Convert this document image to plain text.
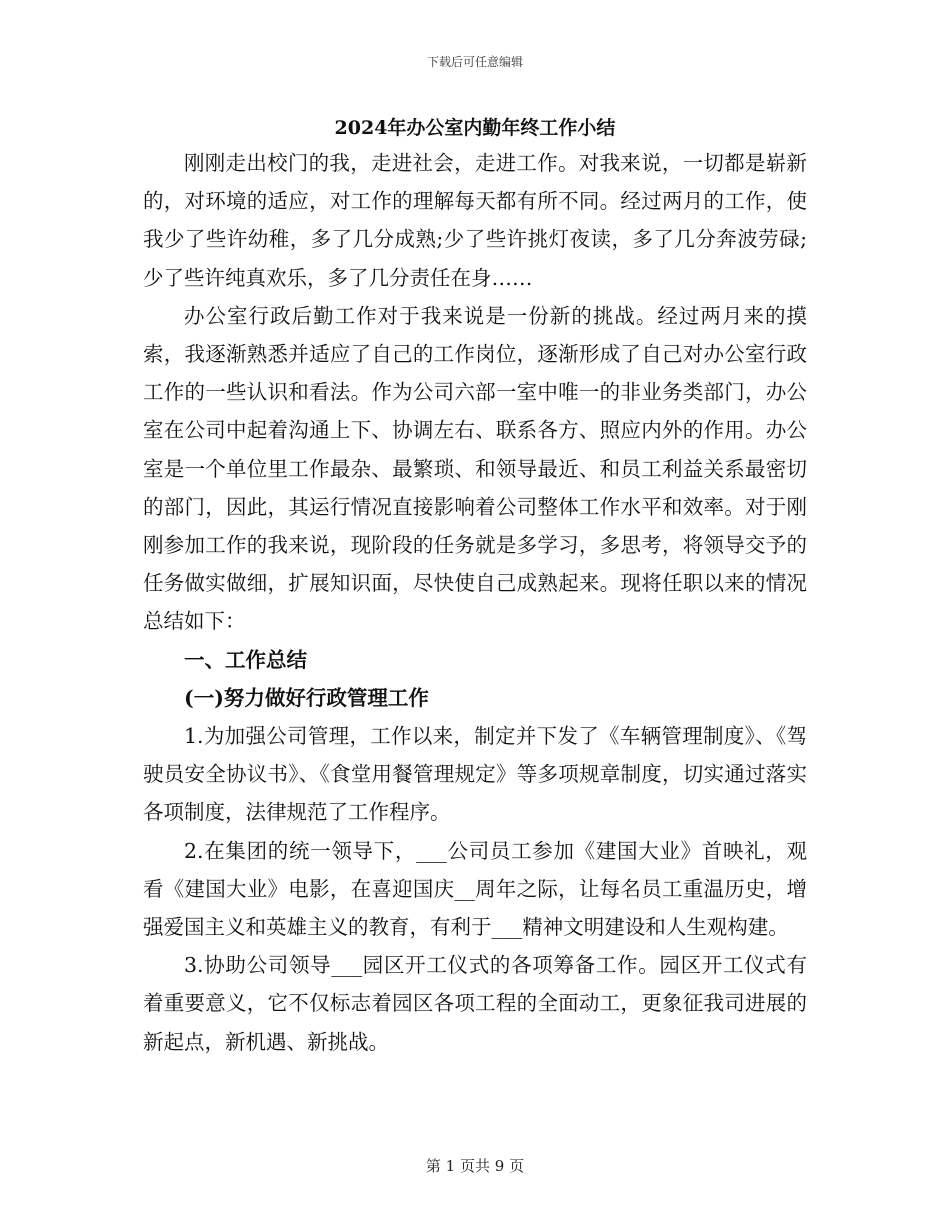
下载后可任意编辑
2024年办公室内勤年终工作小结

刚刚走出校门的我，走进社会，走进工作。对我来说，一切都是崭新的，对环境的适应，对工作的理解每天都有所不同。经过两月的工作，使我少了些许幼稚，多了几分成熟;少了些许挑灯夜读，多了几分奔波劳碌;少了些许纯真欢乐，多了几分责任在身……

办公室行政后勤工作对于我来说是一份新的挑战。经过两月来的摸索，我逐渐熟悉并适应了自己的工作岗位，逐渐形成了自己对办公室行政工作的一些认识和看法。作为公司六部一室中唯一的非业务类部门，办公室在公司中起着沟通上下、协调左右、联系各方、照应内外的作用。办公室是一个单位里工作最杂、最繁琐、和领导最近、和员工利益关系最密切的部门，因此，其运行情况直接影响着公司整体工作水平和效率。对于刚刚参加工作的我来说，现阶段的任务就是多学习，多思考，将领导交予的任务做实做细，扩展知识面，尽快使自己成熟起来。现将任职以来的情况总结如下：

一、工作总结

(一)努力做好行政管理工作

1.为加强公司管理，工作以来，制定并下发了《车辆管理制度》、《驾驶员安全协议书》、《食堂用餐管理规定》等多项规章制度，切实通过落实各项制度，法律规范了工作程序。

2.在集团的统一领导下，___公司员工参加《建国大业》首映礼，观看《建国大业》电影，在喜迎国庆__周年之际，让每名员工重温历史，增强爱国主义和英雄主义的教育，有利于___精神文明建设和人生观构建。

3.协助公司领导___园区开工仪式的各项筹备工作。园区开工仪式有着重要意义，它不仅标志着园区各项工程的全面动工，更象征我司进展的新起点，新机遇、新挑战。

第 1 页共 9 页
